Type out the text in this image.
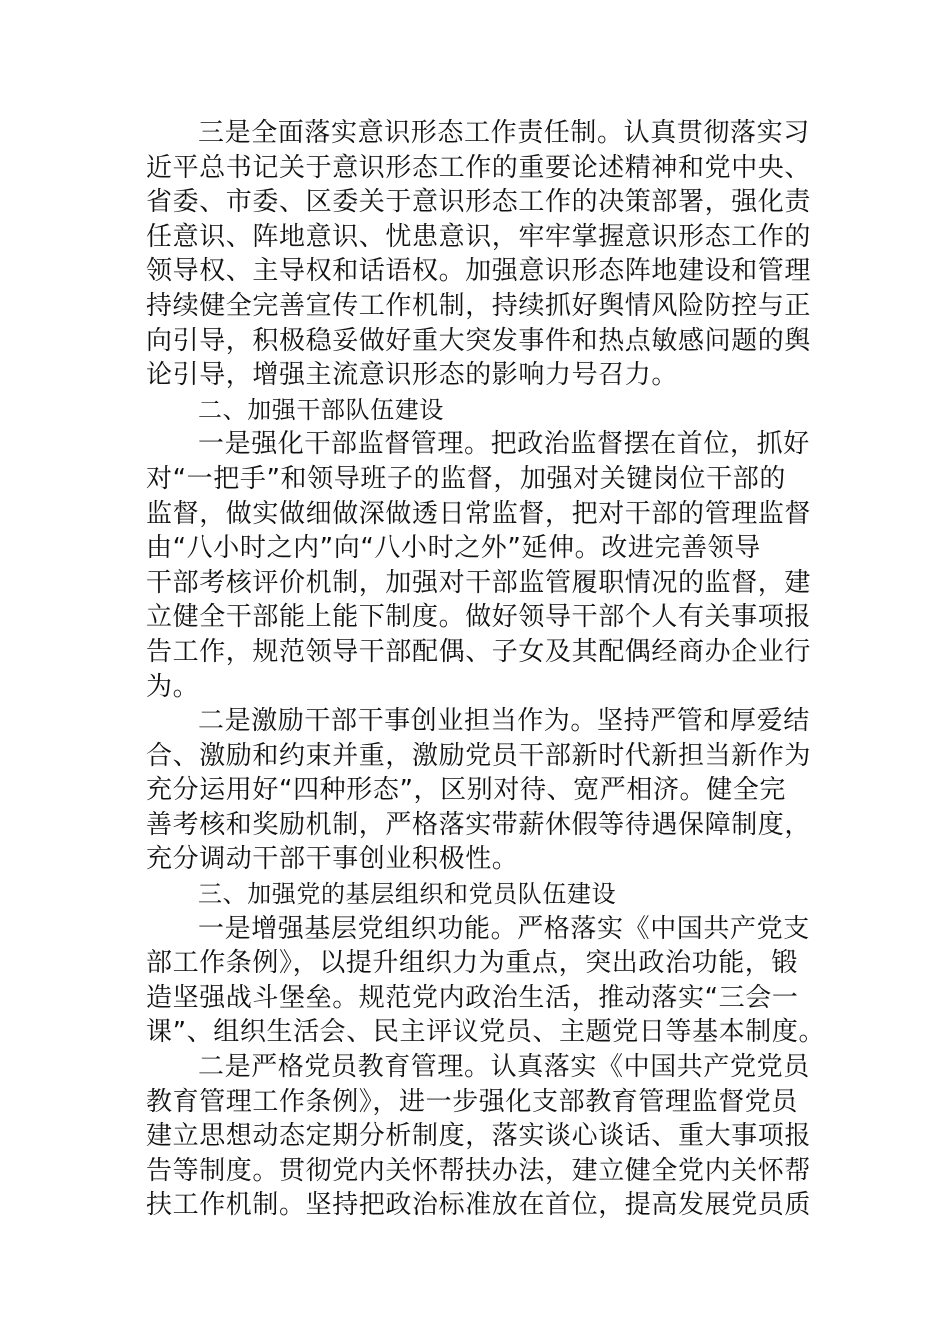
三是全面落实意识形态工作责任制。认真贯彻落实习
近平总书记关于意识形态工作的重要论述精神和党中央、
省委、市委、区委关于意识形态工作的决策部署，强化责
任意识、阵地意识、忧患意识，牢牢掌握意识形态工作的
领导权、主导权和话语权。加强意识形态阵地建设和管理
持续健全完善宣传工作机制，持续抓好舆情风险防控与正
向引导，积极稳妥做好重大突发事件和热点敏感问题的舆
论引导，增强主流意识形态的影响力号召力。
二、加强干部队伍建设
一是强化干部监督管理。把政治监督摆在首位，抓好
对“一把手”和领导班子的监督，加强对关键岗位干部的
监督，做实做细做深做透日常监督，把对干部的管理监督
由“八小时之内”向“八小时之外”延伸。改进完善领导
干部考核评价机制，加强对干部监管履职情况的监督，建
立健全干部能上能下制度。做好领导干部个人有关事项报
告工作，规范领导干部配偶、子女及其配偶经商办企业行
为。
二是激励干部干事创业担当作为。坚持严管和厚爱结
合、激励和约束并重，激励党员干部新时代新担当新作为
充分运用好“四种形态”，区别对待、宽严相济。健全完
善考核和奖励机制，严格落实带薪休假等待遇保障制度，
充分调动干部干事创业积极性。
三、加强党的基层组织和党员队伍建设
一是增强基层党组织功能。严格落实《中国共产党支
部工作条例》，以提升组织力为重点，突出政治功能，锻
造坚强战斗堡垒。规范党内政治生活，推动落实“三会一
课”、组织生活会、民主评议党员、主题党日等基本制度。
二是严格党员教育管理。认真落实《中国共产党党员
教育管理工作条例》，进一步强化支部教育管理监督党员
建立思想动态定期分析制度，落实谈心谈话、重大事项报
告等制度。贯彻党内关怀帮扶办法，建立健全党内关怀帮
扶工作机制。坚持把政治标准放在首位，提高发展党员质
